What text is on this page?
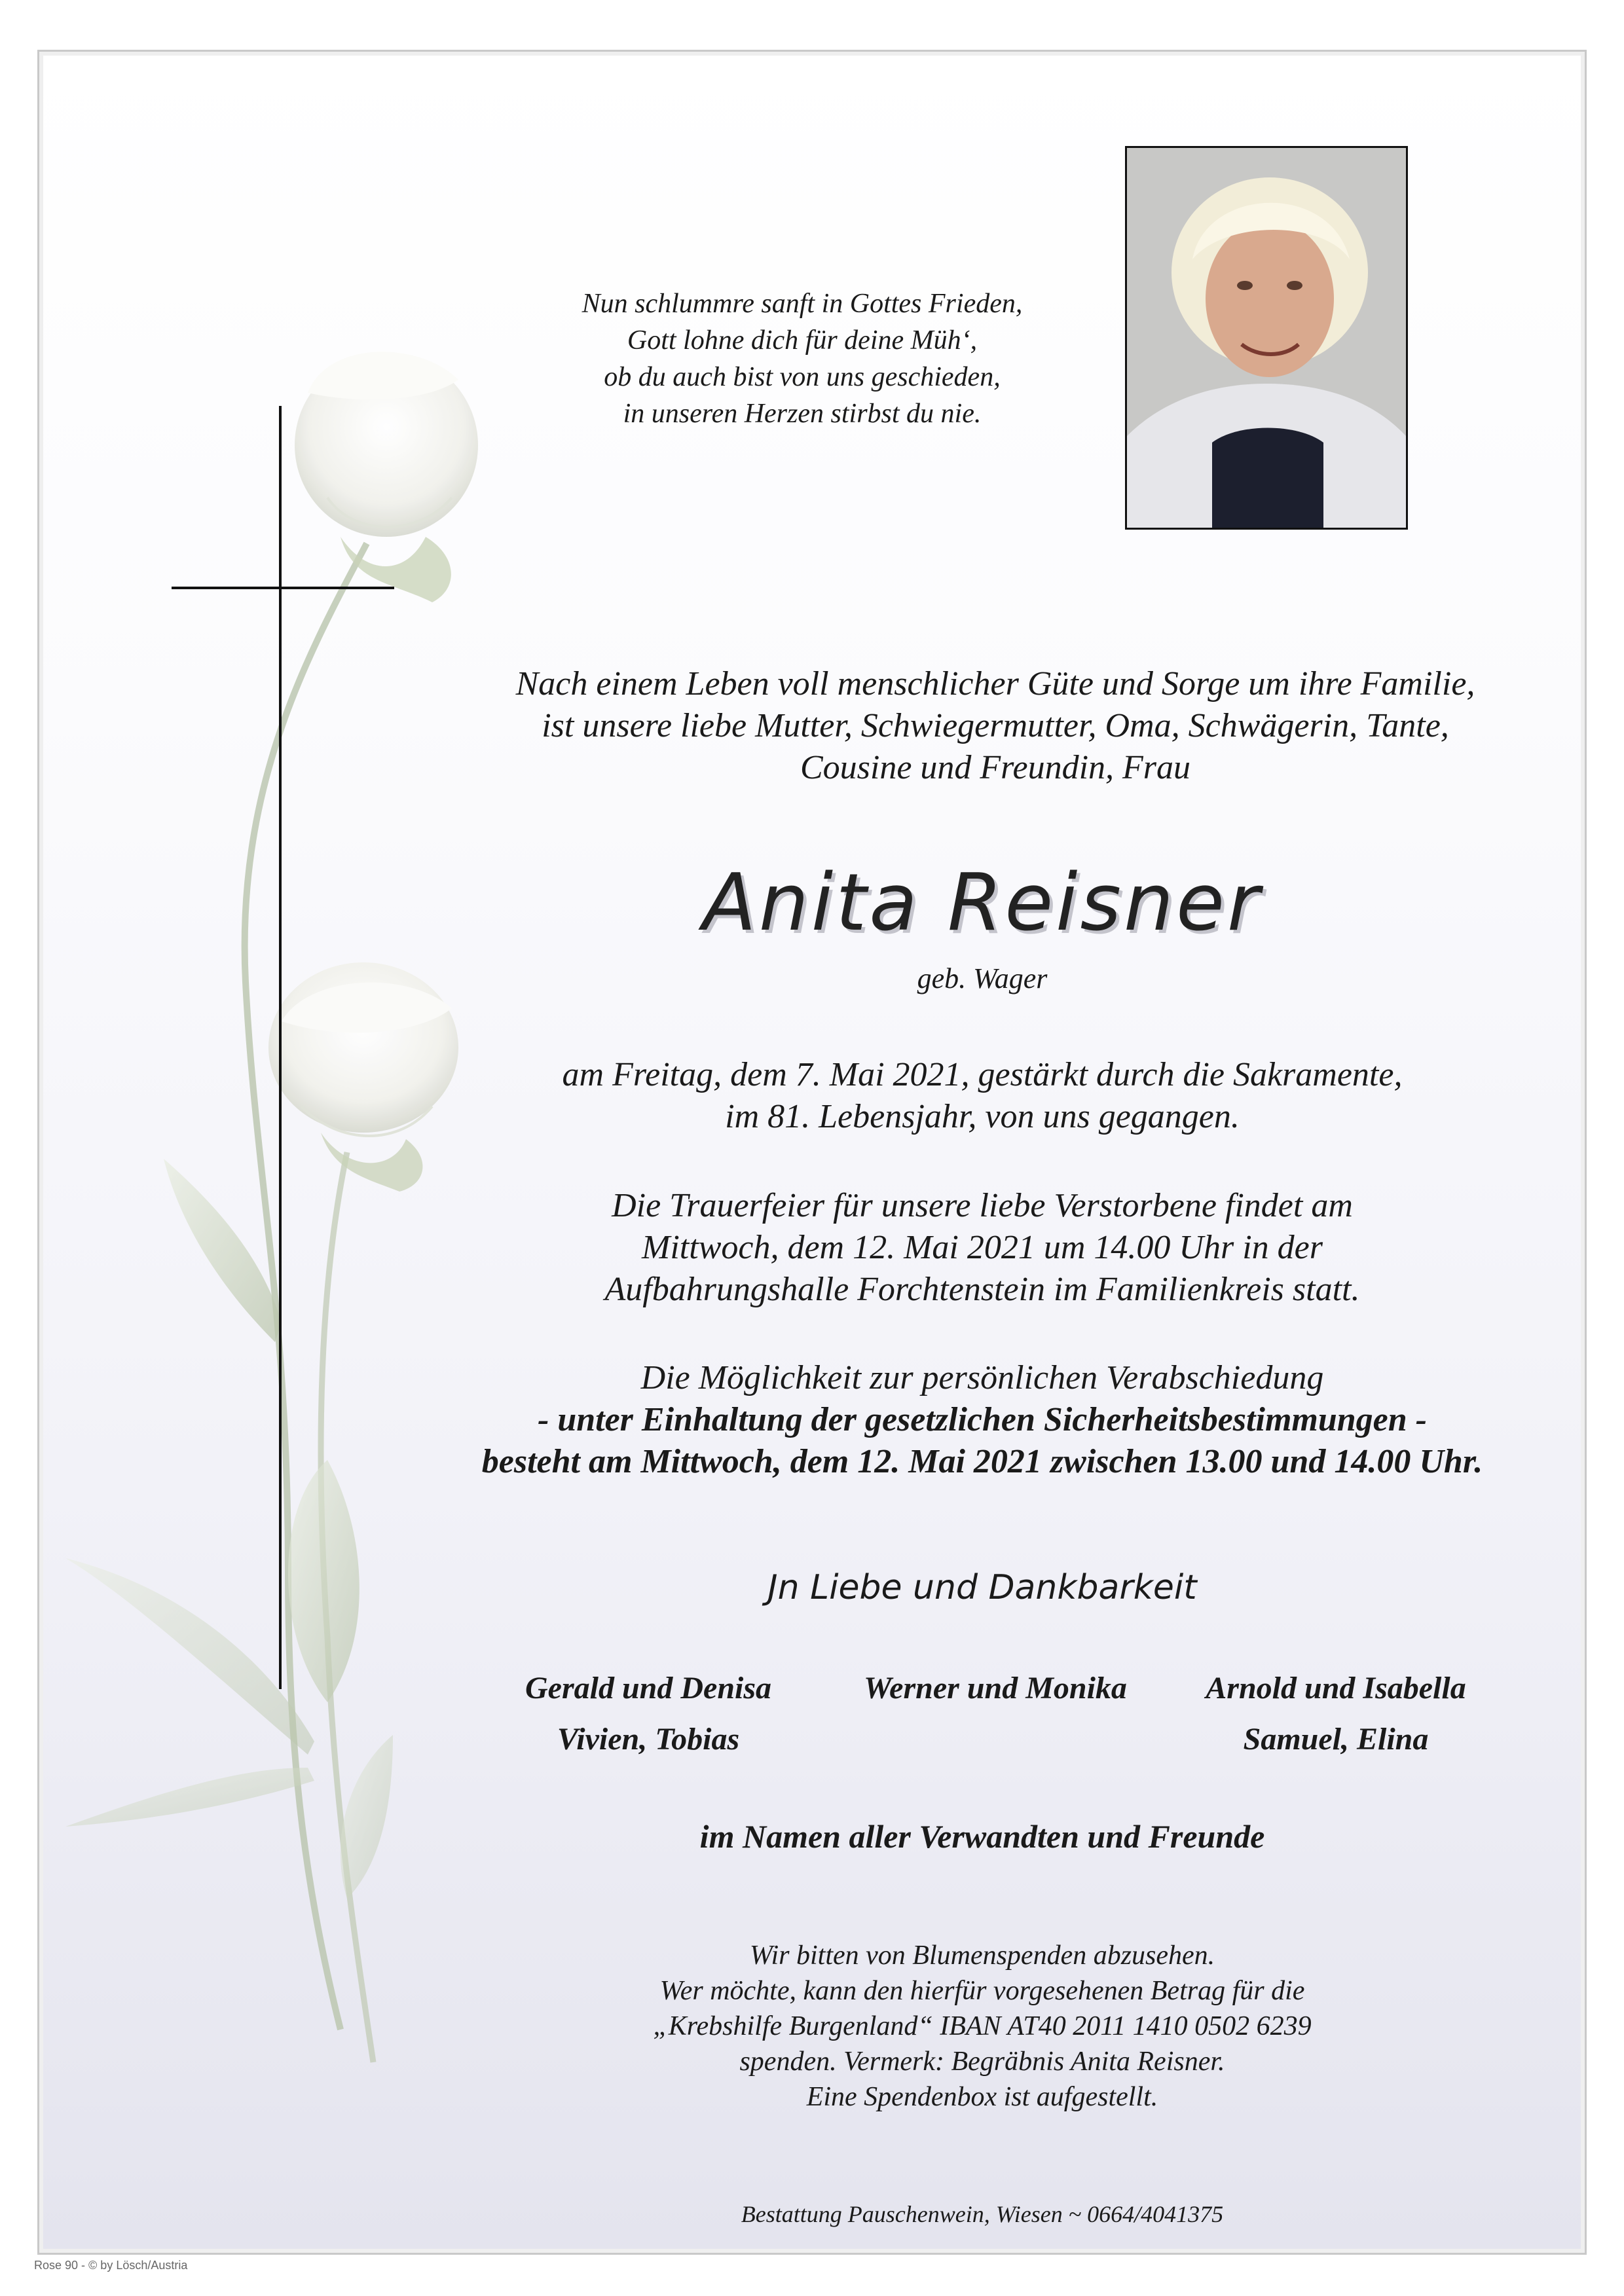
Nun schlummre sanft in Gottes Frieden,
Gott lohne dich für deine Müh‘,
ob du auch bist von uns geschieden,
in unseren Herzen stirbst du nie.
Nach einem Leben voll menschlicher Güte und Sorge um ihre Familie,
ist unsere liebe Mutter, Schwiegermutter, Oma, Schwägerin, Tante,
Cousine und Freundin, Frau
Anita Reisner
geb. Wager
am Freitag, dem 7. Mai 2021, gestärkt durch die Sakramente,
im 81. Lebensjahr, von uns gegangen.
Die Trauerfeier für unsere liebe Verstorbene findet am
Mittwoch, dem 12. Mai 2021 um 14.00 Uhr in der
Aufbahrungshalle Forchtenstein im Familienkreis statt.
Die Möglichkeit zur persönlichen Verabschiedung
- unter Einhaltung der gesetzlichen Sicherheitsbestimmungen -
besteht am Mittwoch, dem 12. Mai 2021 zwischen 13.00 und 14.00 Uhr.
Jn Liebe und Dankbarkeit
Gerald und Denisa
Vivien, Tobias
Werner und Monika	Arnold und Isabella
Samuel, Elina
im Namen aller Verwandten und Freunde
Wir bitten von Blumenspenden abzusehen.
Wer möchte, kann den hierfür vorgesehenen Betrag für die
„Krebshilfe Burgenland“ IBAN AT40 2011 1410 0502 6239
spenden. Vermerk: Begräbnis Anita Reisner.
Eine Spendenbox ist aufgestellt.
Bestattung Pauschenwein, Wiesen ~ 0664/4041375
Rose 90 - © by Lösch/Austria
